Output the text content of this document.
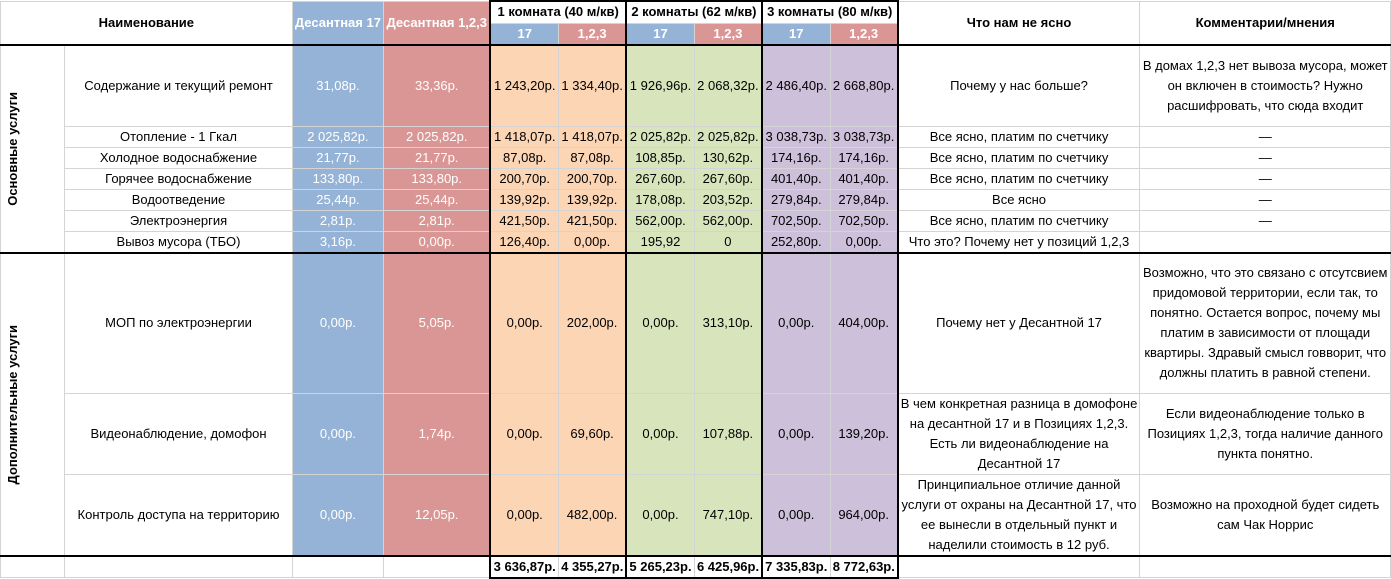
Наименование		Десантная 17	Десантная 1,2,3	1 комната (40 м/кв)		2 комнаты (62 м/кв)		3 комнаты (80 м/кв)		Что нам не ясно	Комментарии/мнения
				17	1,2,3	17	1,2,3	17	1,2,3		

Основные услуги	Содержание и текущий ремонт	31,08р.	33,36р.	1 243,20р.	1 334,40р.	1 926,96р.	2 068,32р.	2 486,40р.	2 668,80р.	Почему у нас больше?	В домах 1,2,3 нет вывоза мусора, может он включен в стоимость? Нужно расшифровать, что сюда входит
	Отопление - 1 Гкал	2 025,82р.	2 025,82р.	1 418,07р.	1 418,07р.	2 025,82р.	2 025,82р.	3 038,73р.	3 038,73р.	Все ясно, платим по счетчику	—
	Холодное водоснабжение	21,77р.	21,77р.	87,08р.	87,08р.	108,85р.	130,62р.	174,16р.	174,16р.	Все ясно, платим по счетчику	—
	Горячее водоснабжение	133,80р.	133,80р.	200,70р.	200,70р.	267,60р.	267,60р.	401,40р.	401,40р.	Все ясно, платим по счетчику	—
	Водоотведение	25,44р.	25,44р.	139,92р.	139,92р.	178,08р.	203,52р.	279,84р.	279,84р.	Все ясно	—
	Электроэнергия	2,81р.	2,81р.	421,50р.	421,50р.	562,00р.	562,00р.	702,50р.	702,50р.	Все ясно, платим по счетчику	—
	Вывоз мусора (ТБО)	3,16р.	0,00р.	126,40р.	0,00р.	195,92	0	252,80р.	0,00р.	Что это? Почему нет у позиций 1,2,3	

Дополнительные услуги	МОП по электроэнергии	0,00р.	5,05р.	0,00р.	202,00р.	0,00р.	313,10р.	0,00р.	404,00р.	Почему нет у Десантной 17	Возможно, что это связано с отсутсвием придомовой территории, если так, то понятно. Остается вопрос, почему мы платим в зависимости от площади квартиры. Здравый смысл говворит, что должны платить в равной степени.
	Видеонаблюдение, домофон	0,00р.	1,74р.	0,00р.	69,60р.	0,00р.	107,88р.	0,00р.	139,20р.	В чем конкретная разница в домофоне на десантной 17 и в Позициях 1,2,3. Есть ли видеонаблюдение на Десантной 17	Если видеонаблюдение только в Позициях 1,2,3, тогда наличие данного пункта понятно.
	Контроль доступа на территорию	0,00р.	12,05р.	0,00р.	482,00р.	0,00р.	747,10р.	0,00р.	964,00р.	Принципиальное отличие данной услуги от охраны на Десантной 17, что ее вынесли в отдельный пункт и наделили стоимость в 12 руб.	Возможно на проходной будет сидеть сам Чак Норрис
				3 636,87р.	4 355,27р.	5 265,23р.	6 425,96р.	7 335,83р.	8 772,63р.		
